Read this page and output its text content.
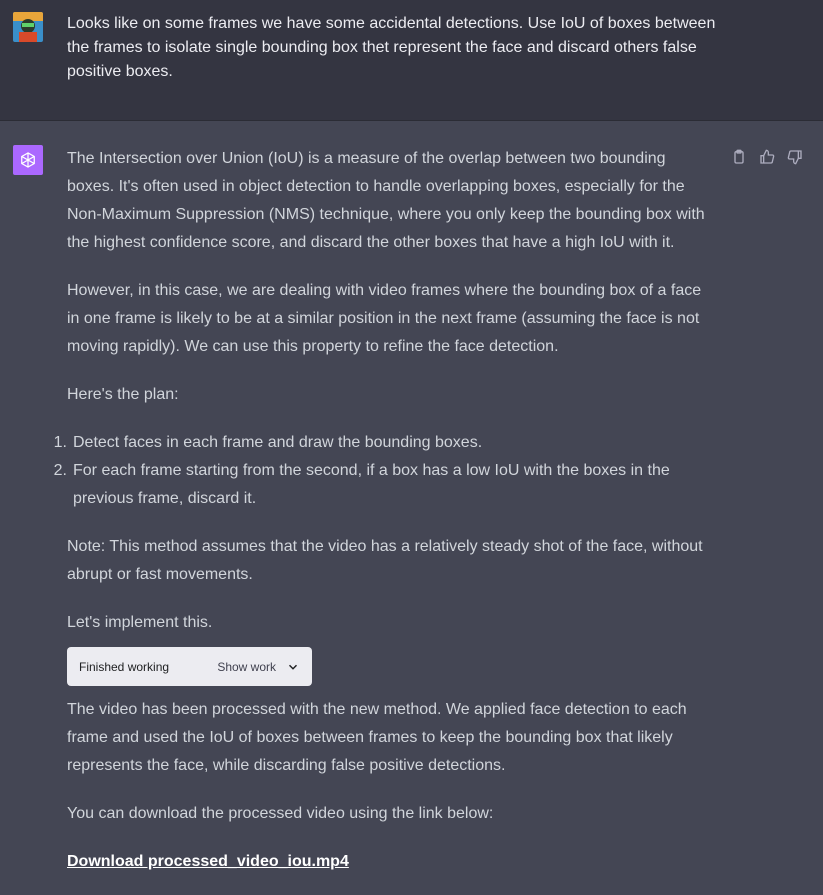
Looks like on some frames we have some accidental detections. Use IoU of boxes between the frames to isolate single bounding box thet represent the face and discard others false positive boxes.

The Intersection over Union (IoU) is a measure of the overlap between two bounding boxes. It's often used in object detection to handle overlapping boxes, especially for the Non-Maximum Suppression (NMS) technique, where you only keep the bounding box with the highest confidence score, and discard the other boxes that have a high IoU with it.

However, in this case, we are dealing with video frames where the bounding box of a face in one frame is likely to be at a similar position in the next frame (assuming the face is not moving rapidly). We can use this property to refine the face detection.

Here's the plan:

1. Detect faces in each frame and draw the bounding boxes.
2. For each frame starting from the second, if a box has a low IoU with the boxes in the previous frame, discard it.

Note: This method assumes that the video has a relatively steady shot of the face, without abrupt or fast movements.

Let's implement this.

Finished working	Show work

The video has been processed with the new method. We applied face detection to each frame and used the IoU of boxes between frames to keep the bounding box that likely represents the face, while discarding false positive detections.

You can download the processed video using the link below:

Download processed_video_iou.mp4
